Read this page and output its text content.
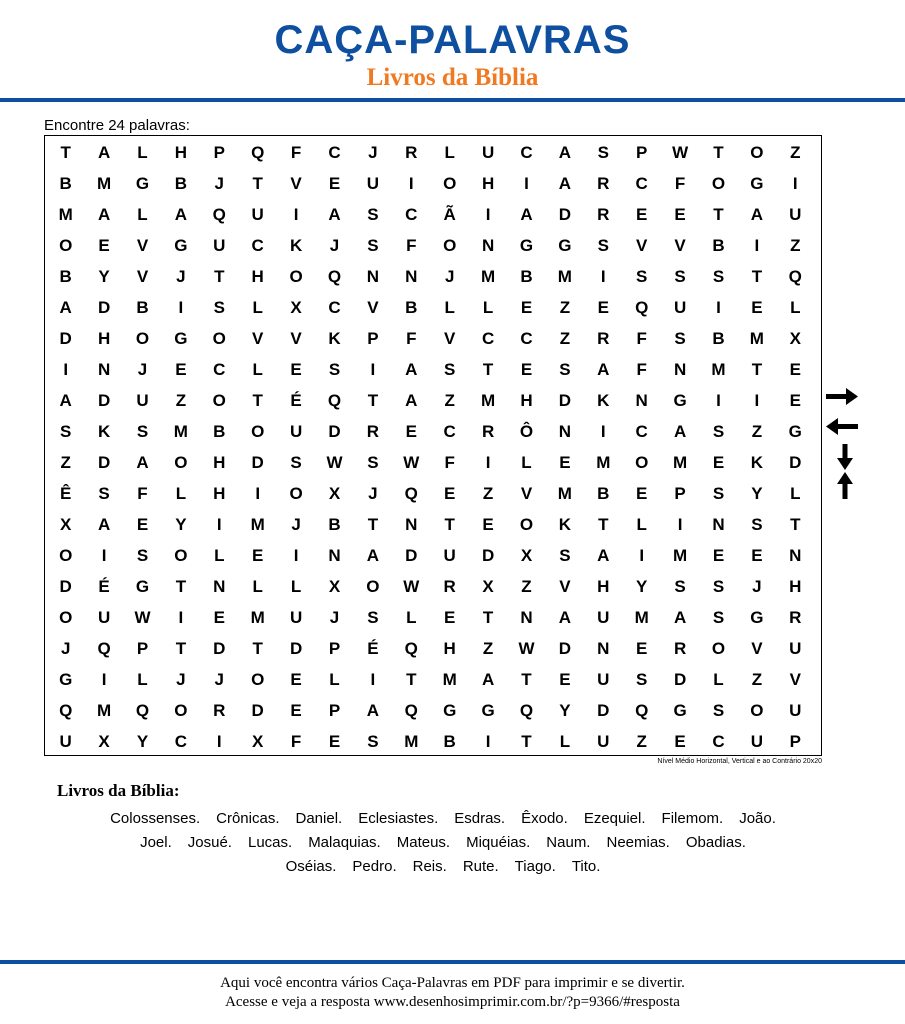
CAÇA-PALAVRAS
Livros da Bíblia
Encontre 24 palavras:
T	A	L	H	P	Q	F	C	J	R	L	U	C	A	S	P	W	T	O	Z
B	M	G	B	J	T	V	E	U	I	O	H	I	A	R	C	F	O	G	I
M	A	L	A	Q	U	I	A	S	C	Ã	I	A	D	R	E	E	T	A	U
O	E	V	G	U	C	K	J	S	F	O	N	G	G	S	V	V	B	I	Z
B	Y	V	J	T	H	O	Q	N	N	J	M	B	M	I	S	S	S	T	Q
A	D	B	I	S	L	X	C	V	B	L	L	E	Z	E	Q	U	I	E	L
D	H	O	G	O	V	V	K	P	F	V	C	C	Z	R	F	S	B	M	X
I	N	J	E	C	L	E	S	I	A	S	T	E	S	A	F	N	M	T	E
A	D	U	Z	O	T	É	Q	T	A	Z	M	H	D	K	N	G	I	I	E
S	K	S	M	B	O	U	D	R	E	C	R	Ô	N	I	C	A	S	Z	G
Z	D	A	O	H	D	S	W	S	W	F	I	L	E	M	O	M	E	K	D
Ê	S	F	L	H	I	O	X	J	Q	E	Z	V	M	B	E	P	S	Y	L
X	A	E	Y	I	M	J	B	T	N	T	E	O	K	T	L	I	N	S	T
O	I	S	O	L	E	I	N	A	D	U	D	X	S	A	I	M	E	E	N
D	É	G	T	N	L	L	X	O	W	R	X	Z	V	H	Y	S	S	J	H
O	U	W	I	E	M	U	J	S	L	E	T	N	A	U	M	A	S	G	R
J	Q	P	T	D	T	D	P	É	Q	H	Z	W	D	N	E	R	O	V	U
G	I	L	J	J	O	E	L	I	T	M	A	T	E	U	S	D	L	Z	V
Q	M	Q	O	R	D	E	P	A	Q	G	G	Q	Y	D	Q	G	S	O	U
U	X	Y	C	I	X	F	E	S	M	B	I	T	L	U	Z	E	C	U	P
Nível Médio Horizontal, Vertical e ao Contrário 20x20
Livros da Bíblia:
Colossenses. Crônicas. Daniel. Eclesiastes. Esdras. Êxodo. Ezequiel. Filemom. João.
Joel. Josué. Lucas. Malaquias. Mateus. Miquéias. Naum. Neemias. Obadias.
Oséias. Pedro. Reis. Rute. Tiago. Tito.
Aqui você encontra vários Caça-Palavras em PDF para imprimir e se divertir.
Acesse e veja a resposta www.desenhosimprimir.com.br/?p=9366/#resposta
